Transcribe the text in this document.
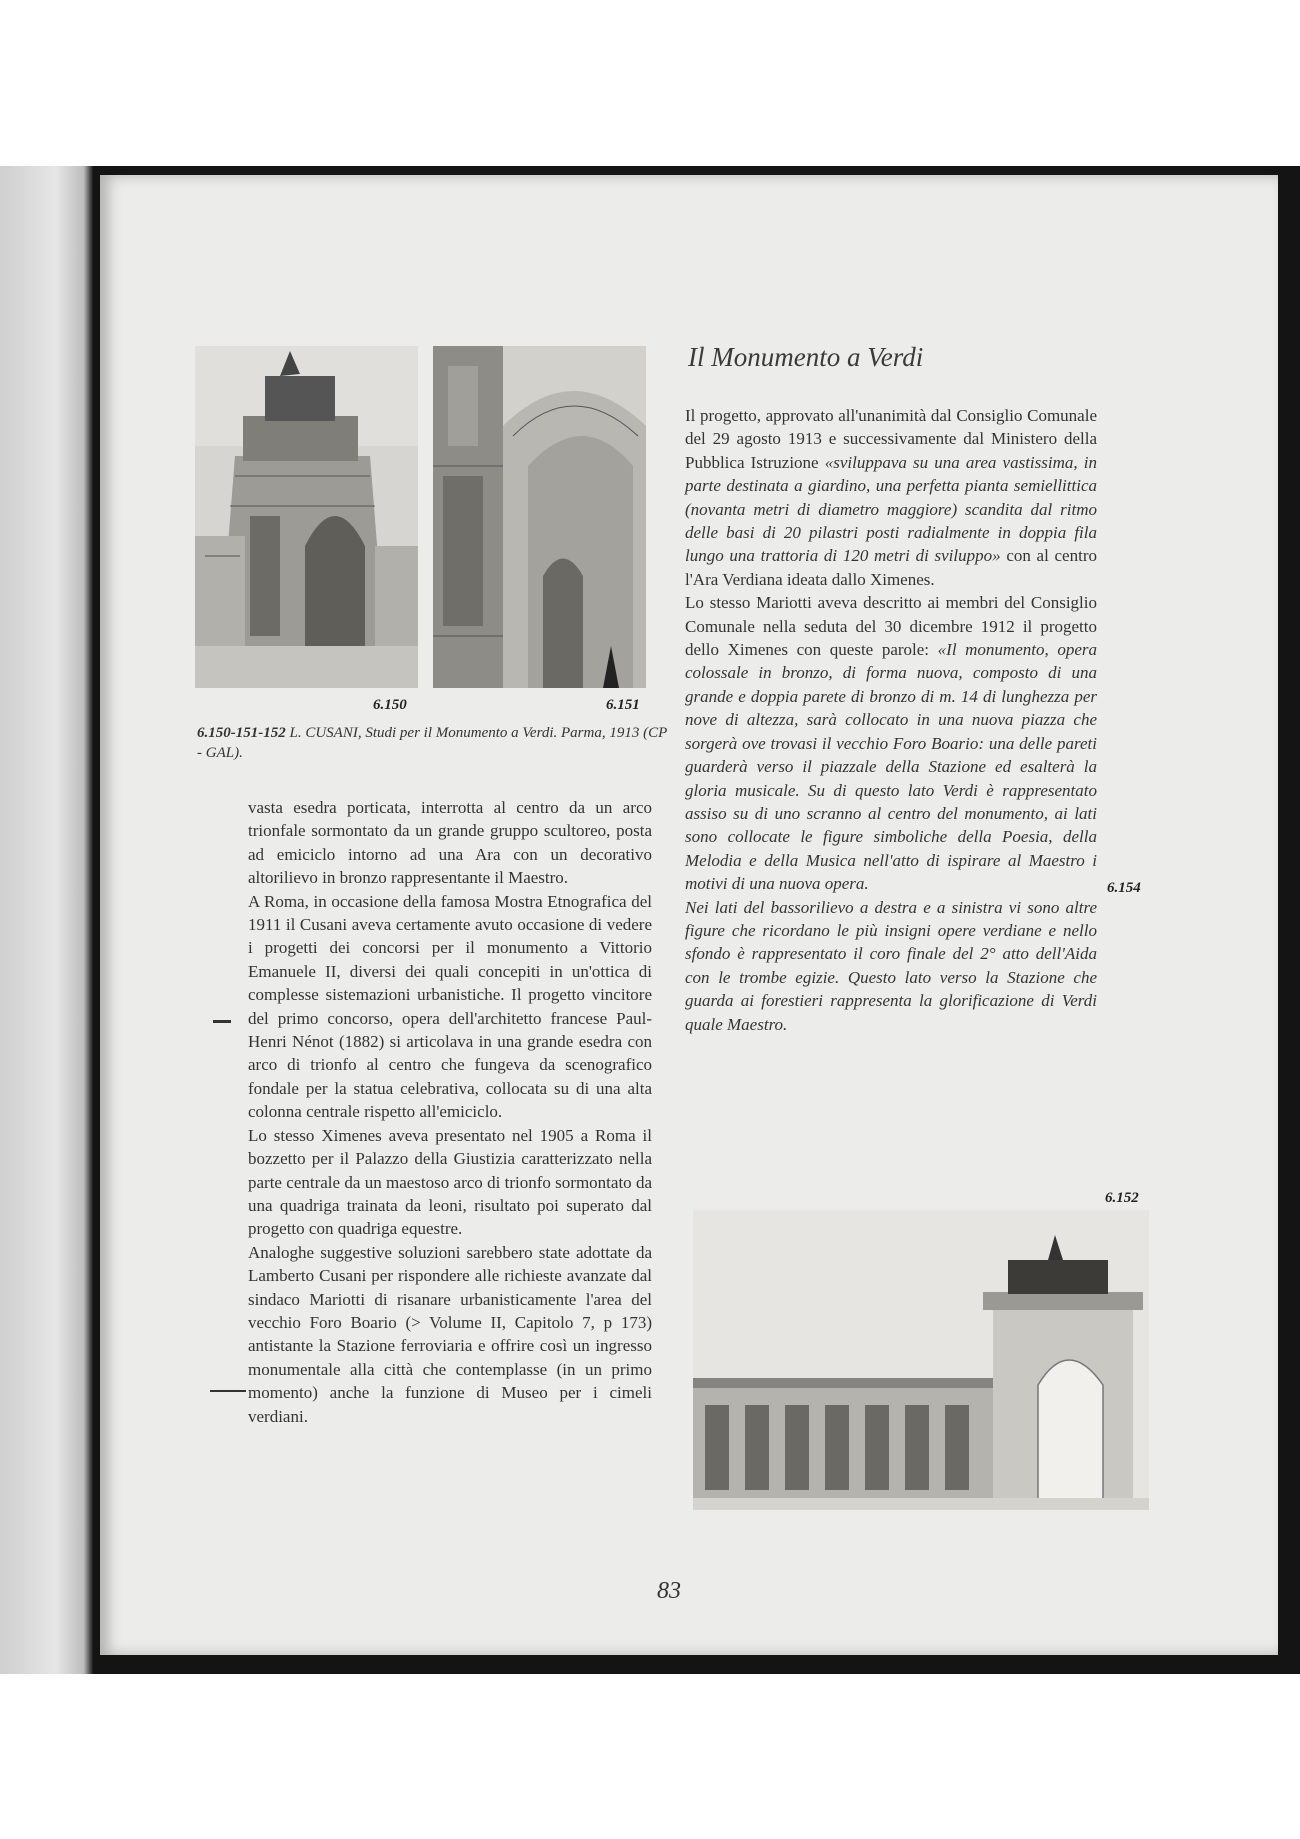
6.150	6.151
6.150-151-152 L. CUSANI, Studi per il Monumento a Verdi. Parma, 1913 (CP - GAL).

vasta esedra porticata, interrotta al centro da un arco trionfale sormontato da un grande gruppo scultoreo, posta ad emiciclo intorno ad una Ara con un decorativo altorilievo in bronzo rappresentante il Maestro.

A Roma, in occasione della famosa Mostra Etnografica del 1911 il Cusani aveva certamente avuto occasione di vedere i progetti dei concorsi per il monumento a Vittorio Emanuele II, diversi dei quali concepiti in un'ottica di complesse sistemazioni urbanistiche. Il progetto vincitore del primo concorso, opera dell'architetto francese Paul-Henri Nénot (1882) si articolava in una grande esedra con arco di trionfo al centro che fungeva da scenografico fondale per la statua celebrativa, collocata su di una alta colonna centrale rispetto all'emiciclo.

Lo stesso Ximenes aveva presentato nel 1905 a Roma il bozzetto per il Palazzo della Giustizia caratterizzato nella parte centrale da un maestoso arco di trionfo sormontato da una quadriga trainata da leoni, risultato poi superato dal progetto con quadriga equestre.

Analoghe suggestive soluzioni sarebbero state adottate da Lamberto Cusani per rispondere alle richieste avanzate dal sindaco Mariotti di risanare urbanisticamente l'area del vecchio Foro Boario (> Volume II, Capitolo 7, p 173) antistante la Stazione ferroviaria e offrire così un ingresso monumentale alla città che contemplasse (in un primo momento) anche la funzione di Museo per i cimeli verdiani.

Il Monumento a Verdi

Il progetto, approvato all'unanimità dal Consiglio Comunale del 29 agosto 1913 e successivamente dal Ministero della Pubblica Istruzione «sviluppava su una area vastissima, in parte destinata a giardino, una perfetta pianta semiellittica (novanta metri di diametro maggiore) scandita dal ritmo delle basi di 20 pilastri posti radialmente in doppia fila lungo una trattoria di 120 metri di sviluppo» con al centro l'Ara Verdiana ideata dallo Ximenes.

Lo stesso Mariotti aveva descritto ai membri del Consiglio Comunale nella seduta del 30 dicembre 1912 il progetto dello Ximenes con queste parole: «Il monumento, opera colossale in bronzo, di forma nuova, composto di una grande e doppia parete di bronzo di m. 14 di lunghezza per nove di altezza, sarà collocato in una nuova piazza che sorgerà ove trovasi il vecchio Foro Boario: una delle pareti guarderà verso il piazzale della Stazione ed esalterà la gloria musicale. Su di questo lato Verdi è rappresentato assiso su di uno scranno al centro del monumento, ai lati sono collocate le figure simboliche della Poesia, della Melodia e della Musica nell'atto di ispirare al Maestro i motivi di una nuova opera.

Nei lati del bassorilievo a destra e a sinistra vi sono altre figure che ricordano le più insigni opere verdiane e nello sfondo è rappresentato il coro finale del 2° atto dell'Aida con le trombe egizie. Questo lato verso la Stazione che guarda ai forestieri rappresenta la glorificazione di Verdi quale Maestro.

6.154
6.152
83
